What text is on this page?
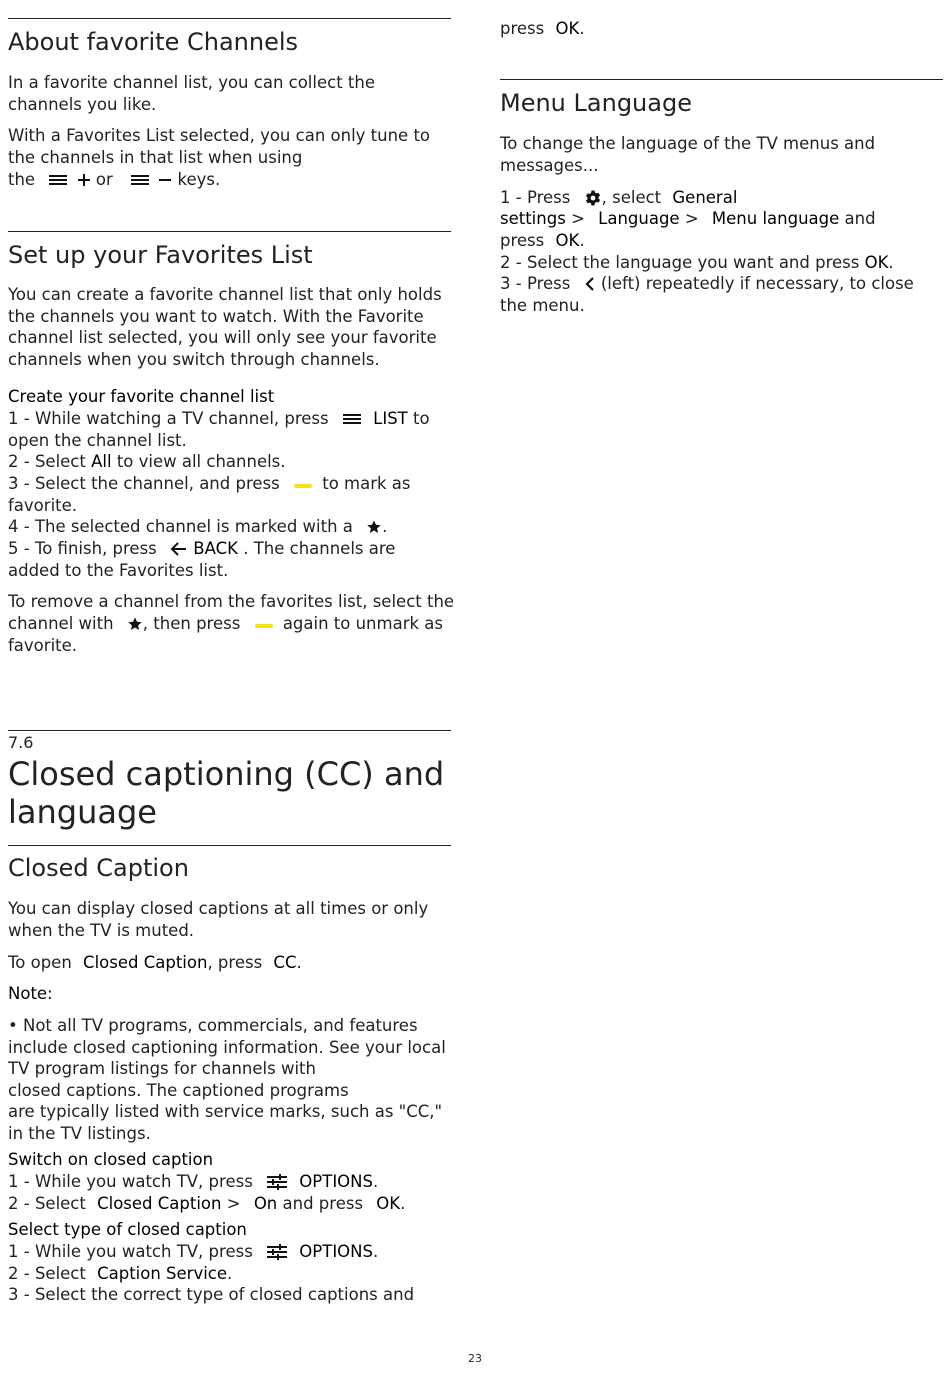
About favorite Channels

In a favorite channel list, you can collect the channels you like.

With a Favorites List selected, you can only tune to the channels in that list when using

the
	or
	keys.
Set up your Favorites List

You can create a favorite channel list that only holds the channels you want to watch. With the Favorite channel list selected, you will only see your favorite channels when you switch through channels.

Create your favorite channel list

1 - While watching a TV channel, press	LIST to

open the channel list.

2 - Select All to view all channels.
3 - Select the channel, and press	to mark as

favorite.

4 - The selected channel is marked with a .
5 - To finish, press BACK . The channels are

added to the Favorites list.

To remove a channel from the favorites list, select the

channel with , then press	again to unmark as

favorite.

7.6

Closed captioning (CC) and
language
Closed Caption

You can display closed captions at all times or only when the TV is muted.

To open Closed Caption, press CC.

Note:

• Not all TV programs, commercials, and features

include closed captioning information. See your local

TV program listings for channels with

closed captions. The captioned programs

are typically listed with service marks, such as "CC,"

in the TV listings.

Switch on closed caption

1 - While you watch TV, press	OPTIONS.
2 - Select Closed Caption > On and press OK.

Select type of closed caption

1 - While you watch TV, press	OPTIONS.
2 - Select Caption Service.

3 - Select the correct type of closed captions and

press OK.
Menu Language

To change the language of the TV menus and messages...

1 - Press , select General
settings > Language > Menu language and
press OK.
2 - Select the language you want and press OK.
3 - Press (left) repeatedly if necessary, to close

the menu.

23
